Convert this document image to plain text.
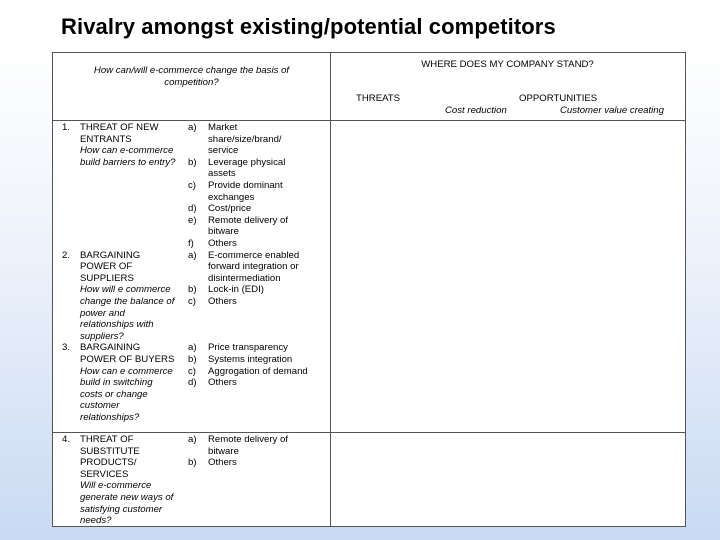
Rivalry amongst existing/potential competitors
How can/will e-commerce change the basis of
competition?
WHERE DOES MY COMPANY STAND?
THREATS	OPPORTUNITIES
Cost reduction	Customer value creating
1. THREAT OF NEW
ENTRANTS
How can e-commerce
build barriers to entry?
a) Market
share/size/brand/
service
b) Leverage physical
assets
c) Provide dominant
exchanges
d) Cost/price
e) Remote delivery of
bitware
f) Others
2. BARGAINING
POWER OF
SUPPLIERS
How will e commerce
change the balance of
power and
relationships with
suppliers?
a) E-commerce enabled
forward integration or
disintermediation
b) Lock-in (EDI)
c) Others
3. BARGAINING
POWER OF BUYERS
How can e commerce
build in switching
costs or change
customer
relationships?
a) Price transparency
b) Systems integration
c) Aggrogation of demand
d) Others
4. THREAT OF
SUBSTITUTE
PRODUCTS/
SERVICES
Will e-commerce
generate new ways of
satisfying customer
needs?
a) Remote delivery of
bitware
b) Others
